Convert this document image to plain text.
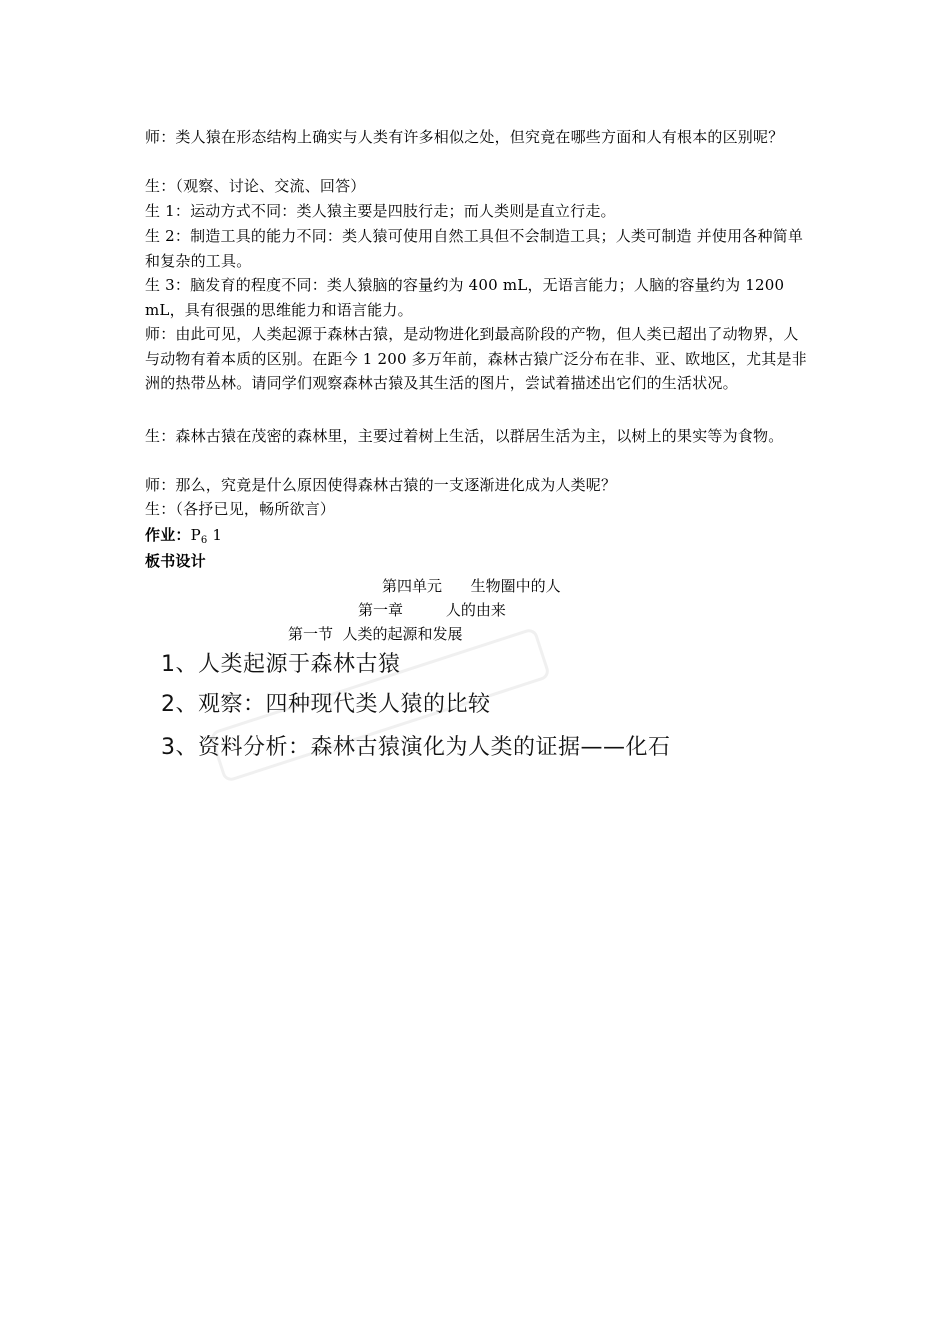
师：类人猿在形态结构上确实与人类有许多相似之处，但究竟在哪些方面和人有根本的区别呢？
生：（观察、讨论、交流、回答）
生 1：运动方式不同：类人猿主要是四肢行走；而人类则是直立行走。
生 2：制造工具的能力不同：类人猿可使用自然工具但不会制造工具；人类可制造 并使用各种简单和复杂的工具。
生 3：脑发育的程度不同：类人猿脑的容量约为 400 mL，无语言能力；人脑的容量约为 1200 mL，具有很强的思维能力和语言能力。
师：由此可见，人类起源于森林古猿，是动物进化到最高阶段的产物，但人类已超出了动物界，人与动物有着本质的区别。在距今 1 200 多万年前，森林古猿广泛分布在非、亚、欧地区，尤其是非洲的热带丛林。请同学们观察森林古猿及其生活的图片，尝试着描述出它们的生活状况。
生：森林古猿在茂密的森林里，主要过着树上生活，以群居生活为主，以树上的果实等为食物。
师：那么，究竟是什么原因使得森林古猿的一支逐渐进化成为人类呢？
生：（各抒已见，畅所欲言）
作业：$P_6$ 1
板书设计
第四单元      生物圈中的人
第一章         人的由来
第一节  人类的起源和发展
1、人类起源于森林古猿
2、观察：四种现代类人猿的比较
3、资料分析：森林古猿演化为人类的证据——化石
